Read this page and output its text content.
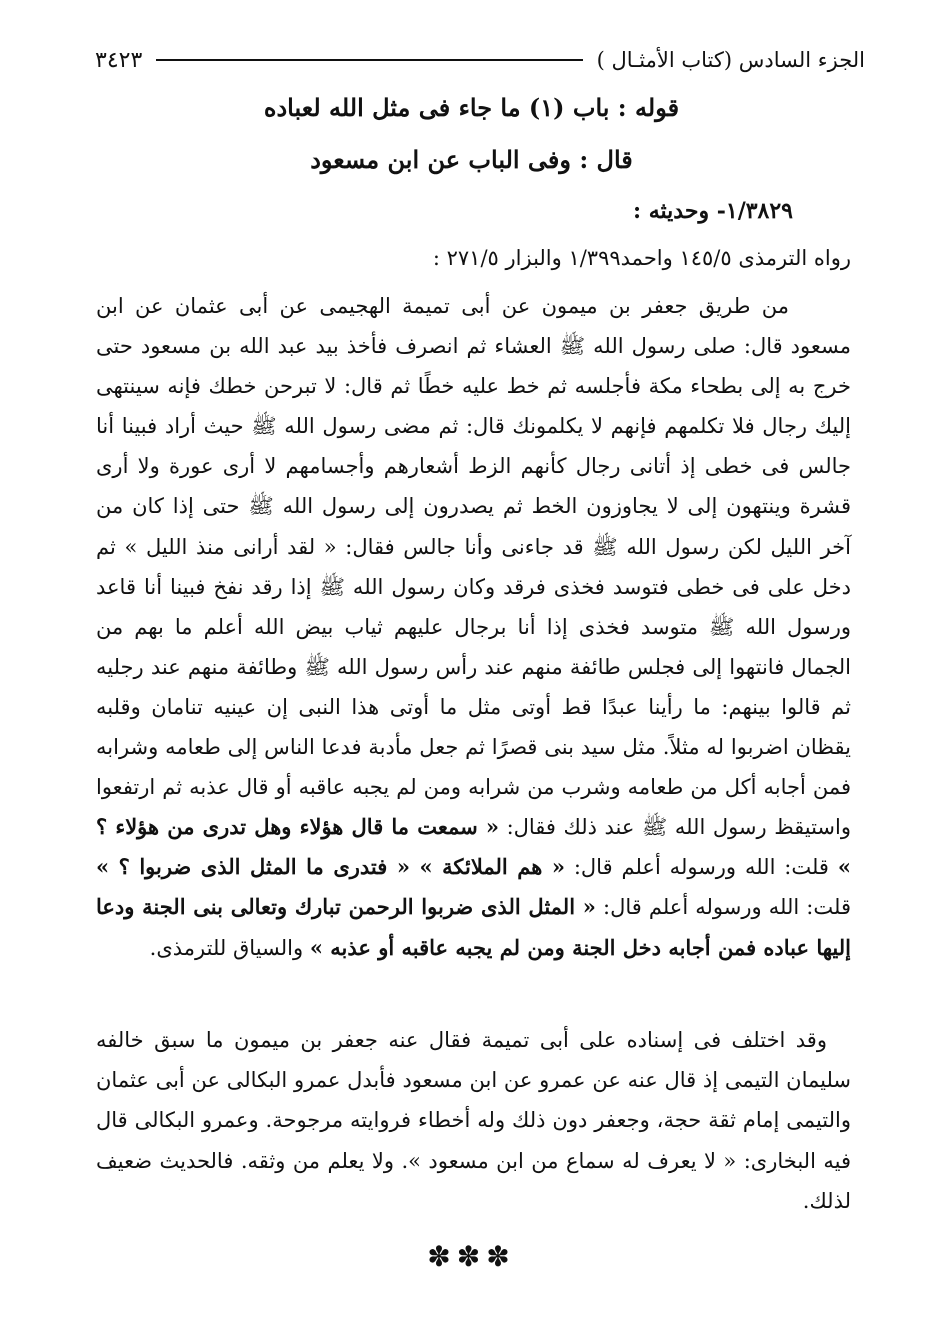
الجزء السادس (كتاب الأمثـال )
٣٤٢٣
قوله : باب (١) ما جاء فى مثل الله لعباده
قال : وفى الباب عن ابن مسعود
١/٣٨٢٩- وحديثه :
رواه الترمذى ١٤٥/٥ واحمد١/٣٩٩ والبزار ٢٧١/٥ :
من طريق جعفر بن ميمون عن أبى تميمة الهجيمى عن أبى عثمان عن ابن مسعود قال: صلى رسول الله ﷺ العشاء ثم انصرف فأخذ بيد عبد الله بن مسعود حتى خرج به إلى بطحاء مكة فأجلسه ثم خط عليه خطًا ثم قال: لا تبرحن خطك فإنه سينتهى إليك رجال فلا تكلمهم فإنهم لا يكلمونك قال: ثم مضى رسول الله ﷺ حيث أراد فبينا أنا جالس فى خطى إذ أتانى رجال كأنهم الزط أشعارهم وأجسامهم لا أرى عورة ولا أرى قشرة وينتهون إلى لا يجاوزون الخط ثم يصدرون إلى رسول الله ﷺ حتى إذا كان من آخر الليل لكن رسول الله ﷺ قد جاءنى وأنا جالس فقال: « لقد أرانى منذ الليل » ثم دخل على فى خطى فتوسد فخذى فرقد وكان رسول الله ﷺ إذا رقد نفخ فبينا أنا قاعد ورسول الله ﷺ متوسد فخذى إذا أنا برجال عليهم ثياب بيض الله أعلم ما بهم من الجمال فانتهوا إلى فجلس طائفة منهم عند رأس رسول الله ﷺ وطائفة منهم عند رجليه ثم قالوا بينهم: ما رأينا عبدًا قط أوتى مثل ما أوتى هذا النبى إن عينيه تنامان وقلبه يقظان اضربوا له مثلاً. مثل سيد بنى قصرًا ثم جعل مأدبة فدعا الناس إلى طعامه وشرابه فمن أجابه أكل من طعامه وشرب من شرابه ومن لم يجبه عاقبه أو قال عذبه ثم ارتفعوا واستيقظ رسول الله ﷺ عند ذلك فقال: « سمعت ما قال هؤلاء وهل تدرى من هؤلاء ؟ » قلت: الله ورسوله أعلم قال: « هم الملائكة » « فتدرى ما المثل الذى ضربوا ؟ » قلت: الله ورسوله أعلم قال: « المثل الذى ضربوا الرحمن تبارك وتعالى بنى الجنة ودعا إليها عباده فمن أجابه دخل الجنة ومن لم يجبه عاقبه أو عذبه » والسياق للترمذى.
وقد اختلف فى إسناده على أبى تميمة فقال عنه جعفر بن ميمون ما سبق خالفه سليمان التيمى إذ قال عنه عن عمرو عن ابن مسعود فأبدل عمرو البكالى عن أبى عثمان والتيمى إمام ثقة حجة، وجعفر دون ذلك وله أخطاء فروايته مرجوحة. وعمرو البكالى قال فيه البخارى: « لا يعرف له سماع من ابن مسعود ». ولا يعلم من وثقه. فالحديث ضعيف لذلك.
✽✽✽
